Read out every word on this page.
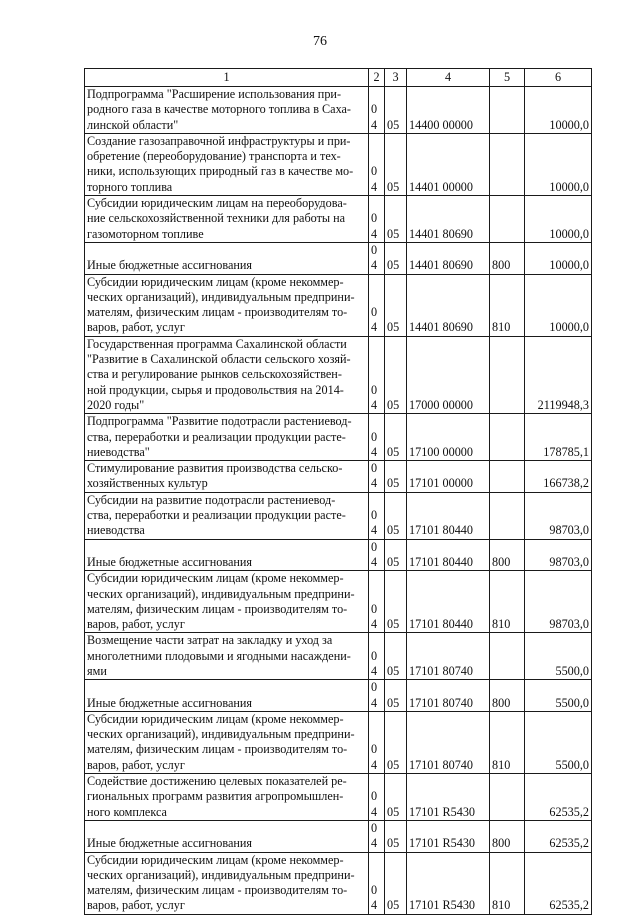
76
1	2	3	4	5	6

Подпрограмма "Расширение использования при-
родного газа в качестве моторного топлива в Саха-
линской области"	04	05	14400 00000		10000,0

Создание газозаправочной инфраструктуры и при-
обретение (переоборудование) транспорта и тех-
ники, использующих природный газ в качестве мо-
торного топлива	04	05	14401 00000		10000,0

Субсидии юридическим лицам на переоборудова-
ние сельскохозяйственной техники для работы на
газомоторном топливе	04	05	14401 80690		10000,0

Иные бюджетные ассигнования	04	05	14401 80690	800	10000,0

Субсидии юридическим лицам (кроме некоммер-
ческих организаций), индивидуальным предприни-
мателям, физическим лицам - производителям то-
варов, работ, услуг	04	05	14401 80690	810	10000,0

Государственная программа Сахалинской области
"Развитие в Сахалинской области сельского хозяй-
ства и регулирование рынков сельскохозяйствен-
ной продукции, сырья и продовольствия на 2014-
2020 годы"	04	05	17000 00000		2119948,3

Подпрограмма "Развитие подотрасли растениевод-
ства, переработки и реализации продукции расте-
ниеводства"	04	05	17100 00000		178785,1

Стимулирование развития производства сельско-
хозяйственных культур	04	05	17101 00000		166738,2

Субсидии на развитие подотрасли растениевод-
ства, переработки и реализации продукции расте-
ниеводства	04	05	17101 80440		98703,0

Иные бюджетные ассигнования	04	05	17101 80440	800	98703,0

Субсидии юридическим лицам (кроме некоммер-
ческих организаций), индивидуальным предприни-
мателям, физическим лицам - производителям то-
варов, работ, услуг	04	05	17101 80440	810	98703,0

Возмещение части затрат на закладку и уход за
многолетними плодовыми и ягодными насаждени-
ями	04	05	17101 80740		5500,0

Иные бюджетные ассигнования	04	05	17101 80740	800	5500,0

Субсидии юридическим лицам (кроме некоммер-
ческих организаций), индивидуальным предприни-
мателям, физическим лицам - производителям то-
варов, работ, услуг	04	05	17101 80740	810	5500,0

Содействие достижению целевых показателей ре-
гиональных программ развития агропромышлен-
ного комплекса	04	05	17101 R5430		62535,2

Иные бюджетные ассигнования	04	05	17101 R5430	800	62535,2

Субсидии юридическим лицам (кроме некоммер-
ческих организаций), индивидуальным предприни-
мателям, физическим лицам - производителям то-
варов, работ, услуг	04	05	17101 R5430	810	62535,2
